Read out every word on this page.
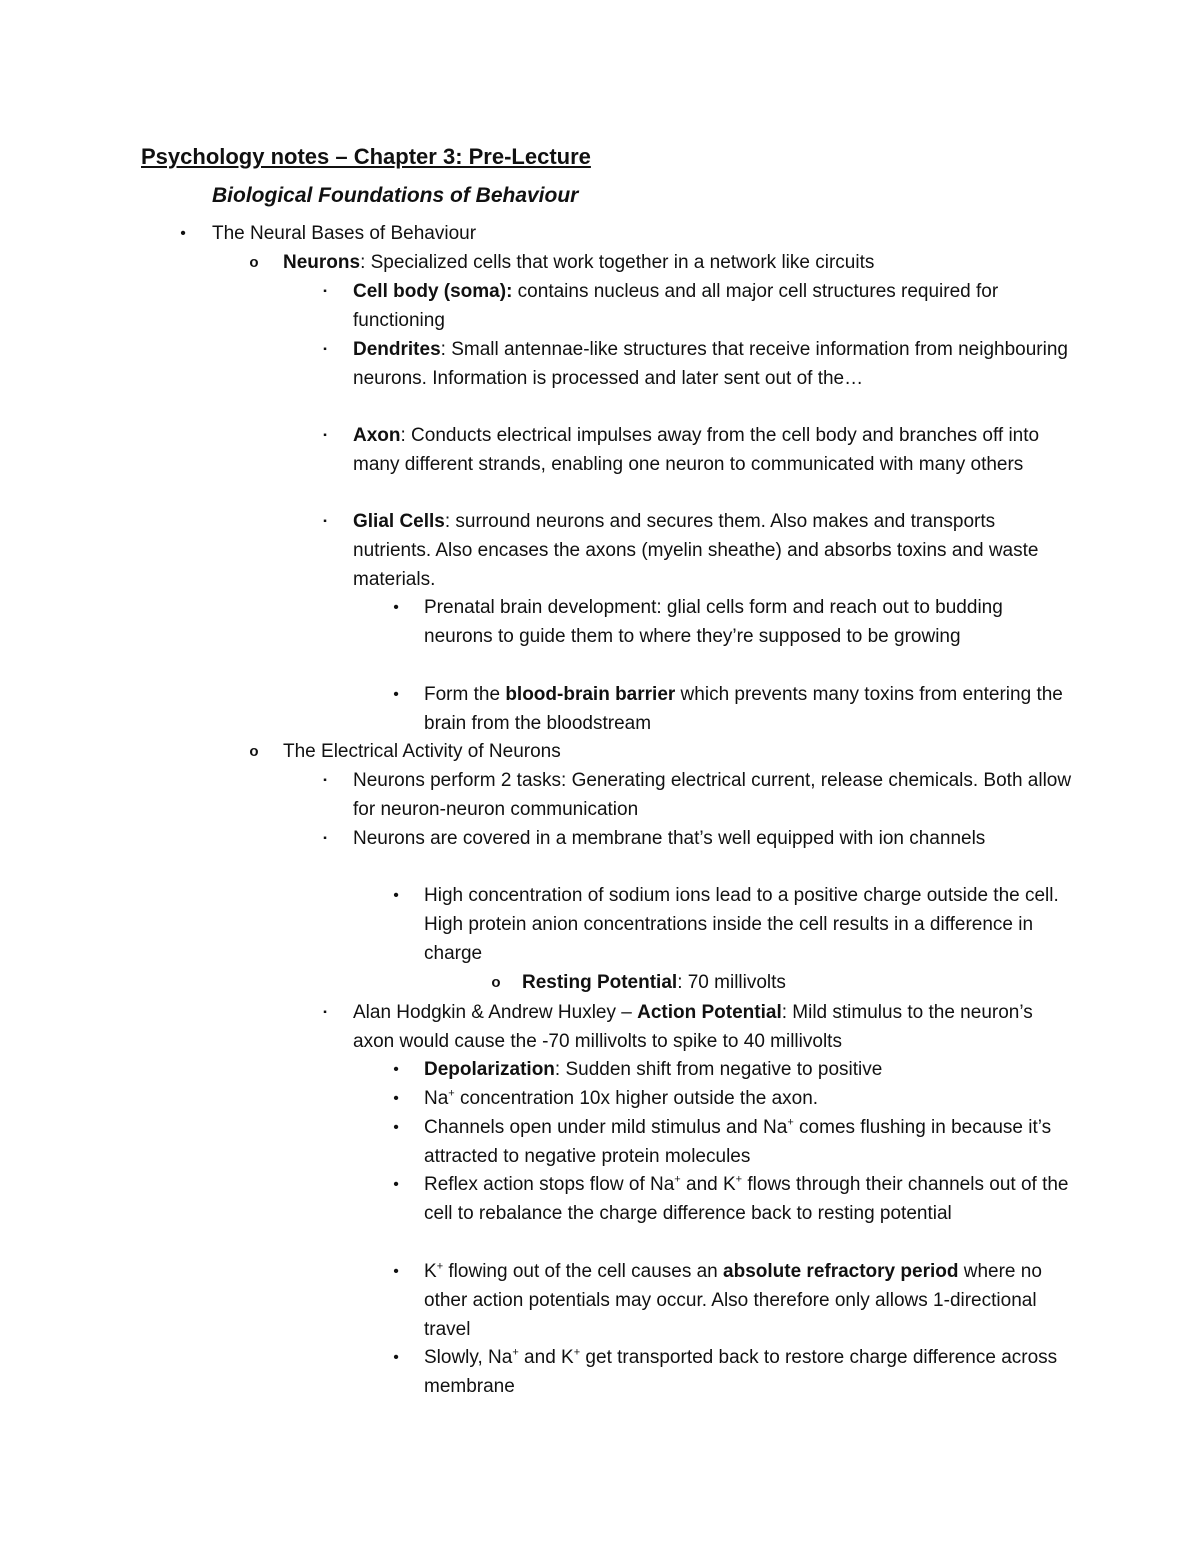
Psychology notes – Chapter 3: Pre-Lecture
Biological Foundations of Behaviour
• The Neural Bases of Behaviour
o Neurons: Specialized cells that work together in a network like circuits
▪ Cell body (soma): contains nucleus and all major cell structures required for functioning
▪ Dendrites: Small antennae-like structures that receive information from neighbouring neurons. Information is processed and later sent out of the…
▪ Axon: Conducts electrical impulses away from the cell body and branches off into many different strands, enabling one neuron to communicated with many others
▪ Glial Cells: surround neurons and secures them. Also makes and transports nutrients. Also encases the axons (myelin sheathe) and absorbs toxins and waste materials.
• Prenatal brain development: glial cells form and reach out to budding neurons to guide them to where they’re supposed to be growing
• Form the blood-brain barrier which prevents many toxins from entering the brain from the bloodstream
o The Electrical Activity of Neurons
▪ Neurons perform 2 tasks: Generating electrical current, release chemicals. Both allow for neuron-neuron communication
▪ Neurons are covered in a membrane that’s well equipped with ion channels
• High concentration of sodium ions lead to a positive charge outside the cell. High protein anion concentrations inside the cell results in a difference in charge
o Resting Potential: 70 millivolts
▪ Alan Hodgkin & Andrew Huxley – Action Potential: Mild stimulus to the neuron’s axon would cause the -70 millivolts to spike to 40 millivolts
• Depolarization: Sudden shift from negative to positive
• Na+ concentration 10x higher outside the axon.
• Channels open under mild stimulus and Na+ comes flushing in because it’s attracted to negative protein molecules
• Reflex action stops flow of Na+ and K+ flows through their channels out of the cell to rebalance the charge difference back to resting potential
• K+ flowing out of the cell causes an absolute refractory period where no other action potentials may occur. Also therefore only allows 1-directional travel
• Slowly, Na+ and K+ get transported back to restore charge difference across membrane
